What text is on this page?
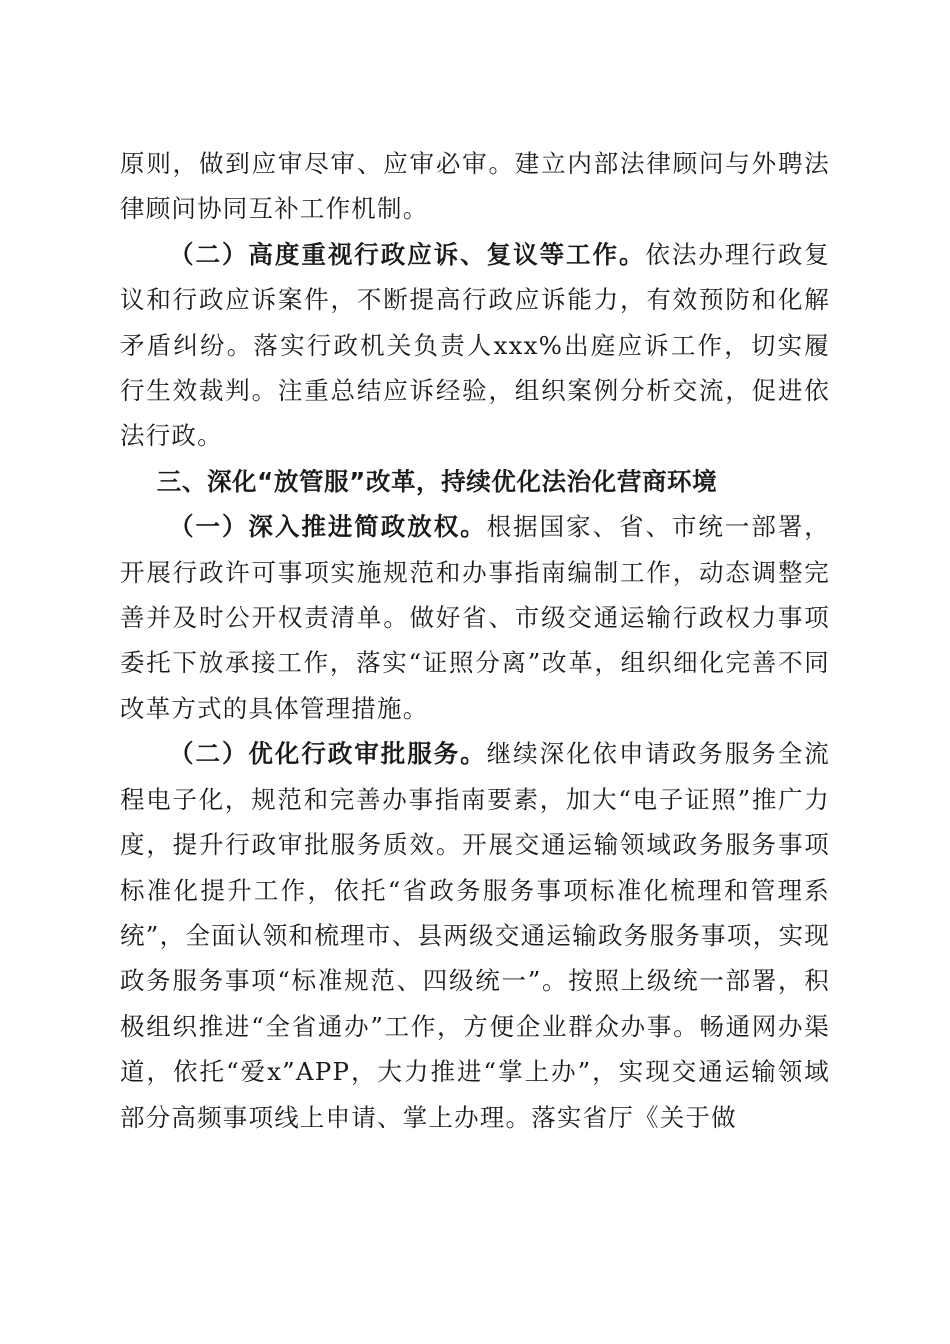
原则，做到应审尽审、应审必审。建立内部法律顾问与外聘法律顾问协同互补工作机制。

（二）高度重视行政应诉、复议等工作。依法办理行政复议和行政应诉案件，不断提高行政应诉能力，有效预防和化解矛盾纠纷。落实行政机关负责人xxx%出庭应诉工作，切实履行生效裁判。注重总结应诉经验，组织案例分析交流，促进依法行政。

三、深化“放管服”改革，持续优化法治化营商环境

（一）深入推进简政放权。根据国家、省、市统一部署，开展行政许可事项实施规范和办事指南编制工作，动态调整完善并及时公开权责清单。做好省、市级交通运输行政权力事项委托下放承接工作，落实“证照分离”改革，组织细化完善不同改革方式的具体管理措施。

（二）优化行政审批服务。继续深化依申请政务服务全流程电子化，规范和完善办事指南要素，加大“电子证照”推广力度，提升行政审批服务质效。开展交通运输领域政务服务事项标准化提升工作，依托“省政务服务事项标准化梳理和管理系统”，全面认领和梳理市、县两级交通运输政务服务事项，实现政务服务事项“标准规范、四级统一”。按照上级统一部署，积极组织推进“全省通办”工作，方便企业群众办事。畅通网办渠道，依托“爱x”APP，大力推进“掌上办”，实现交通运输领域部分高频事项线上申请、掌上办理。落实省厅《关于做
